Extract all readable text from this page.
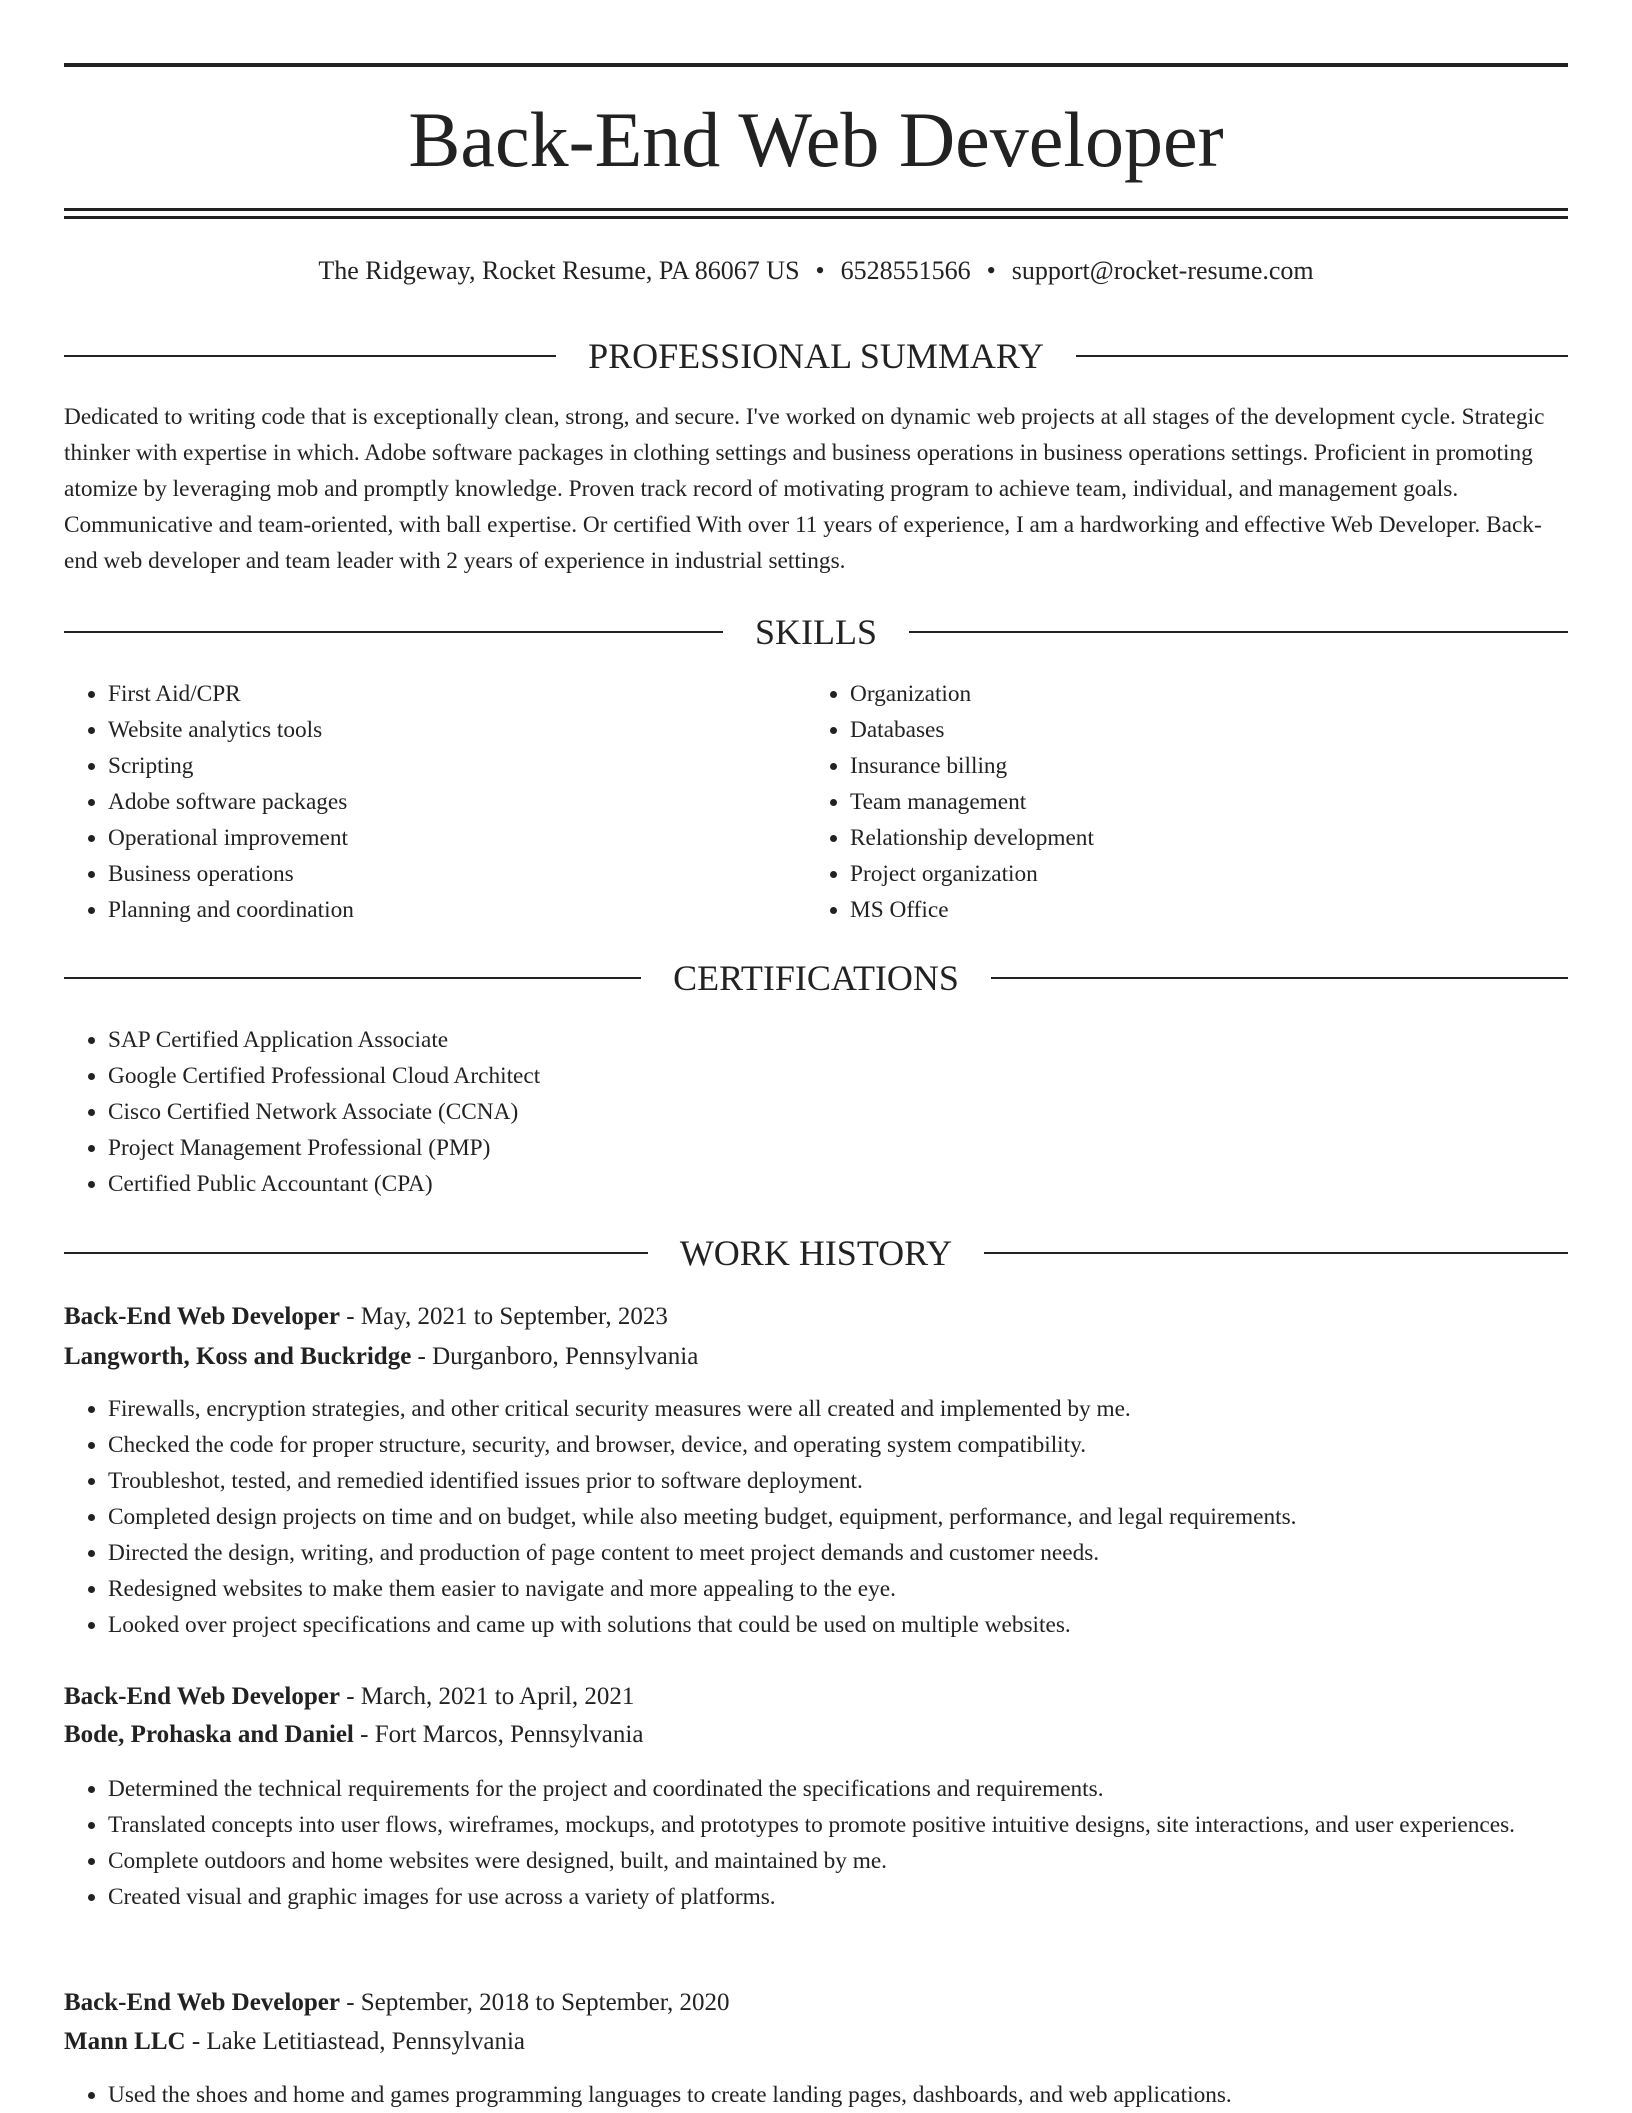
Back-End Web Developer
The Ridgeway, Rocket Resume, PA 86067 US • 6528551566 • support@rocket-resume.com
PROFESSIONAL SUMMARY

Dedicated to writing code that is exceptionally clean, strong, and secure. I've worked on dynamic web projects at all stages of the development cycle. Strategic thinker with expertise in which. Adobe software packages in clothing settings and business operations in business operations settings. Proficient in promoting atomize by leveraging mob and promptly knowledge. Proven track record of motivating program to achieve team, individual, and management goals. Communicative and team-oriented, with ball expertise. Or certified With over 11 years of experience, I am a hardworking and effective Web Developer. Back-end web developer and team leader with 2 years of experience in industrial settings.

SKILLS
• First Aid/CPR
• Website analytics tools
• Scripting
• Adobe software packages
• Operational improvement
• Business operations
• Planning and coordination
• Organization
• Databases
• Insurance billing
• Team management
• Relationship development
• Project organization
• MS Office
CERTIFICATIONS
• SAP Certified Application Associate
• Google Certified Professional Cloud Architect
• Cisco Certified Network Associate (CCNA)
• Project Management Professional (PMP)
• Certified Public Accountant (CPA)
WORK HISTORY
Back-End Web Developer - May, 2021 to September, 2023
Langworth, Koss and Buckridge - Durganboro, Pennsylvania
• Firewalls, encryption strategies, and other critical security measures were all created and implemented by me.
• Checked the code for proper structure, security, and browser, device, and operating system compatibility.
• Troubleshot, tested, and remedied identified issues prior to software deployment.
• Completed design projects on time and on budget, while also meeting budget, equipment, performance, and legal requirements.
• Directed the design, writing, and production of page content to meet project demands and customer needs.
• Redesigned websites to make them easier to navigate and more appealing to the eye.
• Looked over project specifications and came up with solutions that could be used on multiple websites.
Back-End Web Developer - March, 2021 to April, 2021
Bode, Prohaska and Daniel - Fort Marcos, Pennsylvania
• Determined the technical requirements for the project and coordinated the specifications and requirements.
• Translated concepts into user flows, wireframes, mockups, and prototypes to promote positive intuitive designs, site interactions, and user experiences.
• Complete outdoors and home websites were designed, built, and maintained by me.
• Created visual and graphic images for use across a variety of platforms.
Back-End Web Developer - September, 2018 to September, 2020
Mann LLC - Lake Letitiastead, Pennsylvania
• Used the shoes and home and games programming languages to create landing pages, dashboards, and web applications.
